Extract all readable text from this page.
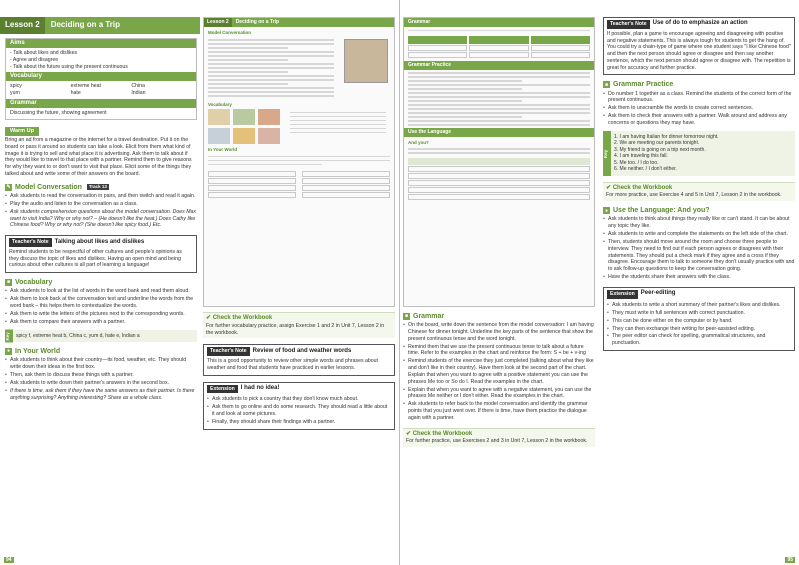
Lesson 2	Deciding on a Trip
Aims
- Talk about likes and dislikes
- Agree and disagree
- Talk about the future using the present continuous
Vocabulary
spicy	extreme heat	China
yum	hate	Indian
Grammar
Discussing the future, showing agreement
Warm Up

Bring an ad from a magazine or the internet for a travel destination. Put it on the board or pass it around so students can take a look. Elicit from them what kind of image it is trying to sell and what place it is advertising. Ask them to talk about if they would like to travel to that place with a partner. Remind them to give reasons for why they want to or don't want to visit that place. Elicit some of the things they talked about and write some of their answers on the board.

✎ Model Conversation	Track 13
• Ask students to read the conversation in pairs, and then switch and read it again.
• Play the audio and listen to the conversation as a class.
• Ask students comprehension questions about the model conversation. Does Max want to visit India? Why or why not? – (He doesn't like the heat.) Does Cathy like Chinese food? Why or why not? (She doesn't like spicy food.) Etc.
Teacher's Note	Talking about likes and dislikes
Remind students to be respectful of other cultures and people's opinions as they discuss the topic of likes and dislikes. Having an open mind and being curious about other cultures is all part of learning a language!
■ Vocabulary
• Ask students to look at the list of words in the word bank and read them aloud.
• Ask them to look back at the conversation text and underline the words from the word bank – this helps them to contextualize the words.
• Ask them to write the letters of the pictures next to the corresponding words.
• Ask them to compare their answers with a partner.
Key	spicy f, extreme heat b, China c, yum d, hate e, Indian a
● In Your World
• Ask students to think about their country—its food, weather, etc. They should write down their ideas in the first box.
• Then, ask them to discuss these things with a partner.
• Ask students to write down their partner's answers in the second box.
• If there is time, ask them if they have the same answers as their partner. Is there anything surprising? Anything interesting? Share as a whole class.
Lesson 2	Deciding on a Trip
Model Conversation
Vocabulary
In Your World
✔ Check the Workbook
For further vocabulary practice, assign Exercise 1 and 2 in Unit 7, Lesson 2 in the workbook.
Teacher's Note	Review of food and weather words
This is a good opportunity to review other simple words and phrases about weather and food that students have practiced in earlier lessons.
Extension	I had no idea!
• Ask students to pick a country that they don't know much about.
• Ask them to go online and do some research. They should read a little about it and look at some pictures.
• Finally, they should share their findings with a partner.
94
Grammar
Grammar Practice
Use the Language
And you?
■ Grammar
• On the board, write down the sentence from the model conversation: I am having Chinese for dinner tonight. Underline the key parts of the sentence that show the present continuous tense and the word tonight.
• Remind them that we use the present continuous tense to talk about a future time. Refer to the examples in the chart and reinforce the form: S + be + v-ing
• Remind students of the exercise they just completed (talking about what they like and don't like in their country). Have them look at the second part of the chart. Explain that when you want to agree with a positive statement you can use the phrases Me too or So do I. Read the examples in the chart.
• Explain that when you want to agree with a negative statement, you can use the phrases Me neither or I don't either. Read the examples in the chart.
• Ask students to refer back to the model conversation and identify the grammar points that you just went over. If there is time, have them practice the dialogue again with a partner.
✔ Check the Workbook
For further practice, use Exercises 2 and 3 in Unit 7, Lesson 2 in the workbook.
Teacher's Note	Use of do to emphasize an action
If possible, plan a game to encourage agreeing and disagreeing with positive and negative statements. This is always tough for students to get the hang of. You could try a chain-type of game where one student says "I like Chinese food" and then the next person should agree or disagree and then say another sentence, which the next person should agree or disagree with. The repetition is great for accuracy and further practice.
■ Grammar Practice
• Do number 1 together as a class. Remind the students of the correct form of the present continuous.
• Ask them to unscramble the words to create correct sentences.
• Ask them to check their answers with a partner. Walk around and address any concerns or questions they may have.
Key
1. I am having Italian for dinner tomorrow night.
2. We are meeting our parents tonight.
3. My friend is going on a trip next month.
4. I am traveling this fall.
5. Me too. / I do too.
6. Me neither. / I don't either.
✔ Check the Workbook
For more practice, use Exercise 4 and 5 in Unit 7, Lesson 2 in the workbook.
● Use the Language: And you?
• Ask students to think about things they really like or can't stand. It can be about any topic they like.
• Ask students to write and complete the statements on the left side of the chart.
• Then, students should move around the room and choose three people to interview. They need to find out if each person agrees or disagrees with their statements. They should put a check mark if they agree and a cross if they disagree. Encourage them to talk to someone they don't usually practice with and to ask follow-up questions to keep the conversation going.
• Have the students share their answers with the class.
Extension	Peer-editing
• Ask students to write a short summary of their partner's likes and dislikes.
• They must write in full sentences with correct punctuation.
• This can be done either on the computer or by hand.
• They can then exchange their writing for peer-assisted editing.
• The peer editor can check for spelling, grammatical structures, and punctuation.
95
